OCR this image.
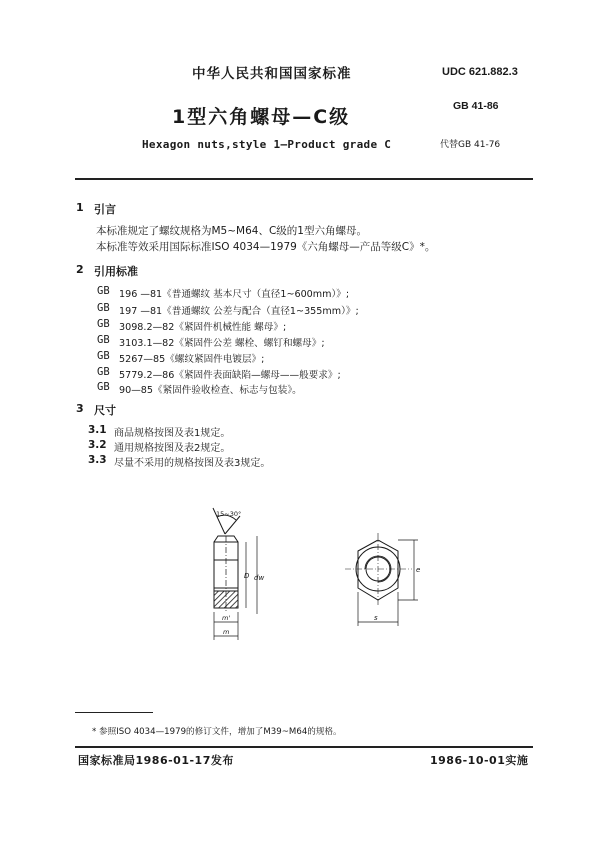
中华人民共和国国家标准	UDC 621.882.3
1型六角螺母—C级	GB 41-86
Hexagon nuts,style 1—Product grade C	代替GB 41-76
1 引言
本标准规定了螺纹规格为M5~M64、C级的1型六角螺母。
本标准等效采用国际标准ISO 4034—1979《六角螺母—产品等级C》*。
2 引用标准
GB 196 —81《普通螺纹 基本尺寸（直径1~600mm）》;
GB 197 —81《普通螺纹 公差与配合（直径1~355mm）》;
GB 3098.2—82《紧固件机械性能 螺母》;
GB 3103.1—82《紧固件公差 螺栓、螺钉和螺母》;
GB 5267—85《螺纹紧固件电镀层》;
GB 5779.2—86《紧固件表面缺陷—螺母——般要求》;
GB 90—85《紧固件验收检查、标志与包装》。
3 尺寸
3.1 商品规格按图及表1规定。
3.2 通用规格按图及表2规定。
3.3 尽量不采用的规格按图及表3规定。
15~30°
D dw
m'
m
s
e
* 参照ISO 4034—1979的修订文件，增加了M39~M64的规格。
国家标准局1986-01-17发布	1986-10-01实施
